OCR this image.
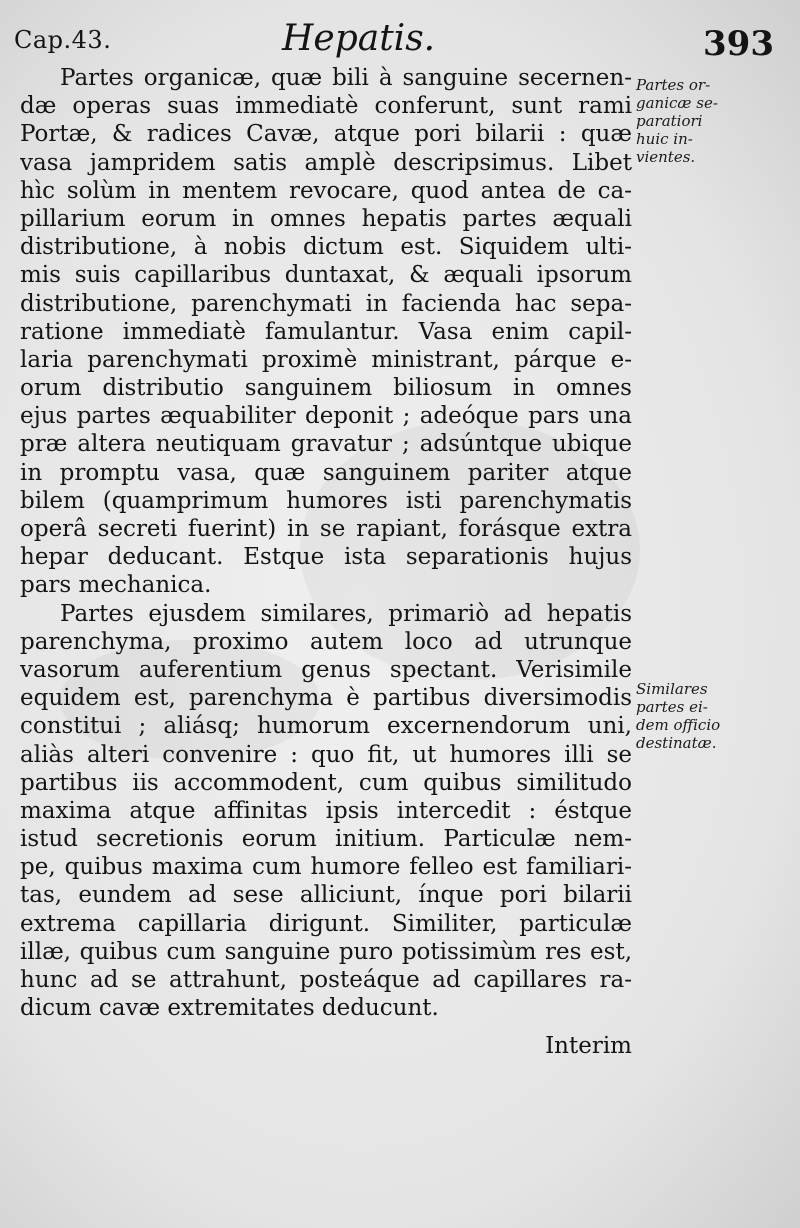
Cap.43.	Hepatis.	393
Partes organicæ, quæ bili à sanguine secernen-
dæ operas suas immediatè conferunt, sunt rami
Portæ, & radices Cavæ, atque pori bilarii : quæ
vasa jampridem satis amplè descripsimus. Libet
hìc solùm in mentem revocare, quod antea de ca-
pillarium eorum in omnes hepatis partes æquali
distributione, à nobis dictum est. Siquidem ulti-
mis suis capillaribus duntaxat, & æquali ipsorum
distributione, parenchymati in facienda hac sepa-
ratione immediatè famulantur. Vasa enim capil-
laria parenchymati proximè ministrant, párque e-
orum distributio sanguinem biliosum in omnes
ejus partes æquabiliter deponit ; adeóque pars una
præ altera neutiquam gravatur ; adsúntque ubique
in promptu vasa, quæ sanguinem pariter atque
bilem (quamprimum humores isti parenchymatis
operâ secreti fuerint) in se rapiant, forásque extra
hepar deducant. Estque ista separationis hujus
pars mechanica.
Partes ejusdem similares, primariò ad hepatis
parenchyma, proximo autem loco ad utrunque
vasorum auferentium genus spectant. Verisimile
equidem est, parenchyma è partibus diversimodis
constitui ; aliásq; humorum excernendorum uni,
aliàs alteri convenire : quo fit, ut humores illi se
partibus iis accommodent, cum quibus similitudo
maxima atque affinitas ipsis intercedit : éstque
istud secretionis eorum initium. Particulæ nem-
pe, quibus maxima cum humore felleo est familiari-
tas, eundem ad sese alliciunt, ínque pori bilarii
extrema capillaria dirigunt. Similiter, particulæ
illæ, quibus cum sanguine puro potissimùm res est,
hunc ad se attrahunt, posteáque ad capillares ra-
dicum cavæ extremitates deducunt.
Interim
Partes or-
ganicæ se-
paratiori
huic in-
vientes.
Similares
partes ei-
dem officio
destinatæ.
